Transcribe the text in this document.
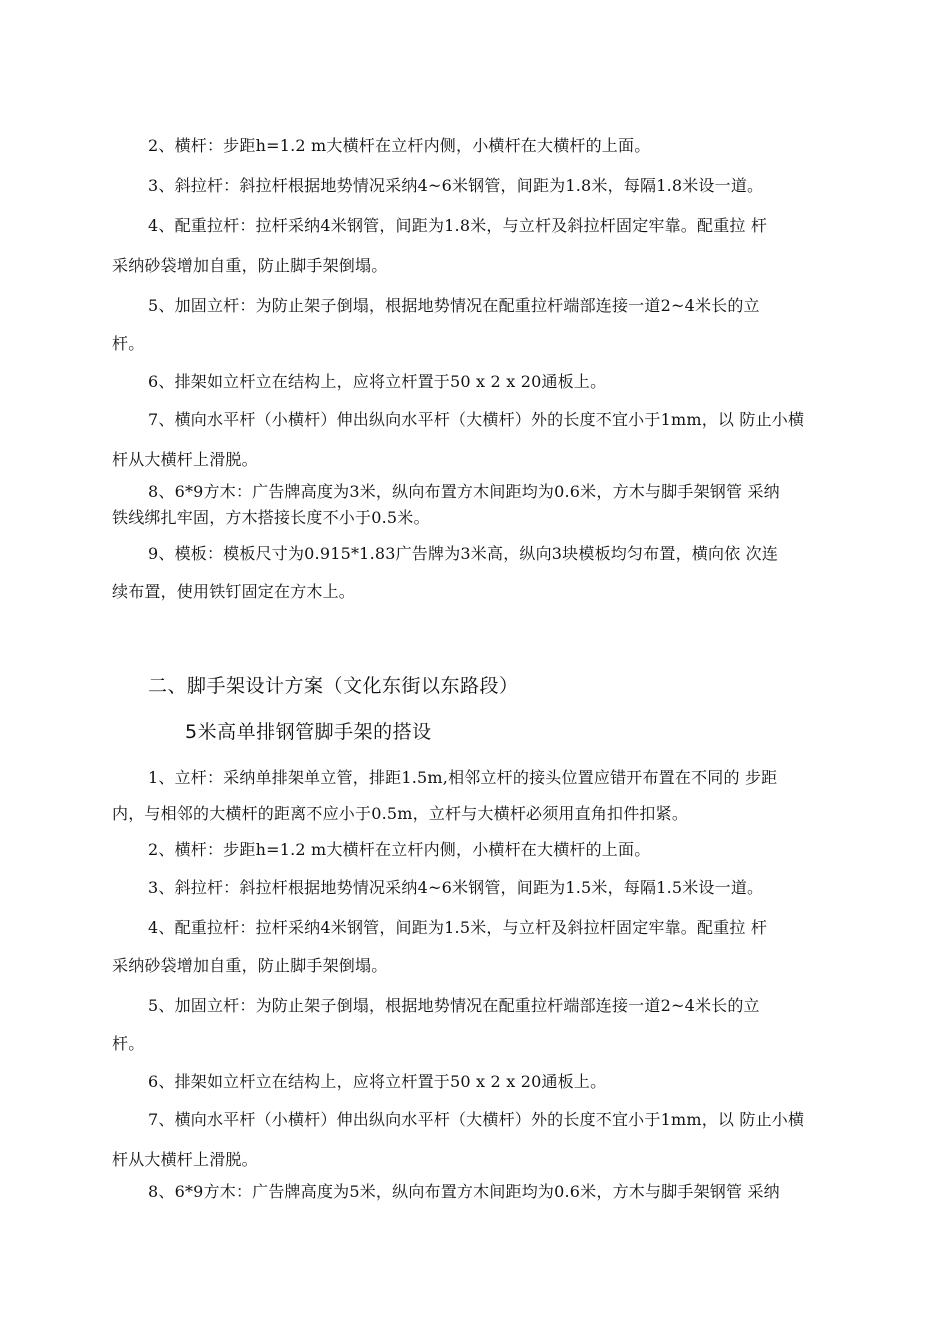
2、横杆：步距h=1.2 m大横杆在立杆内侧，小横杆在大横杆的上面。
3、斜拉杆：斜拉杆根据地势情况采纳4~6米钢管，间距为1.8米，每隔1.8米设一道。
4、配重拉杆：拉杆采纳4米钢管，间距为1.8米，与立杆及斜拉杆固定牢靠。配重拉 杆
采纳砂袋增加自重，防止脚手架倒塌。
5、加固立杆：为防止架子倒塌，根据地势情况在配重拉杆端部连接一道2~4米长的立
杆。
6、排架如立杆立在结构上，应将立杆置于50 x 2 x 20通板上。
7、横向水平杆（小横杆）伸出纵向水平杆（大横杆）外的长度不宜小于1mm，以 防止小横
杆从大横杆上滑脱。
8、6*9方木：广告牌高度为3米，纵向布置方木间距均为0.6米，方木与脚手架钢管 采纳
铁线绑扎牢固，方木搭接长度不小于0.5米。
9、模板：模板尺寸为0.915*1.83广告牌为3米高，纵向3块模板均匀布置，横向依 次连
续布置，使用铁钉固定在方木上。
二、脚手架设计方案（文化东街以东路段）
5米高单排钢管脚手架的搭设
1、立杆：采纳单排架单立管，排距1.5m,相邻立杆的接头位置应错开布置在不同的 步距
内，与相邻的大横杆的距离不应小于0.5m，立杆与大横杆必须用直角扣件扣紧。
2、横杆：步距h=1.2 m大横杆在立杆内侧，小横杆在大横杆的上面。
3、斜拉杆：斜拉杆根据地势情况采纳4~6米钢管，间距为1.5米，每隔1.5米设一道。
4、配重拉杆：拉杆采纳4米钢管，间距为1.5米，与立杆及斜拉杆固定牢靠。配重拉 杆
采纳砂袋增加自重，防止脚手架倒塌。
5、加固立杆：为防止架子倒塌，根据地势情况在配重拉杆端部连接一道2~4米长的立
杆。
6、排架如立杆立在结构上，应将立杆置于50 x 2 x 20通板上。
7、横向水平杆（小横杆）伸出纵向水平杆（大横杆）外的长度不宜小于1mm，以 防止小横
杆从大横杆上滑脱。
8、6*9方木：广告牌高度为5米，纵向布置方木间距均为0.6米，方木与脚手架钢管 采纳
